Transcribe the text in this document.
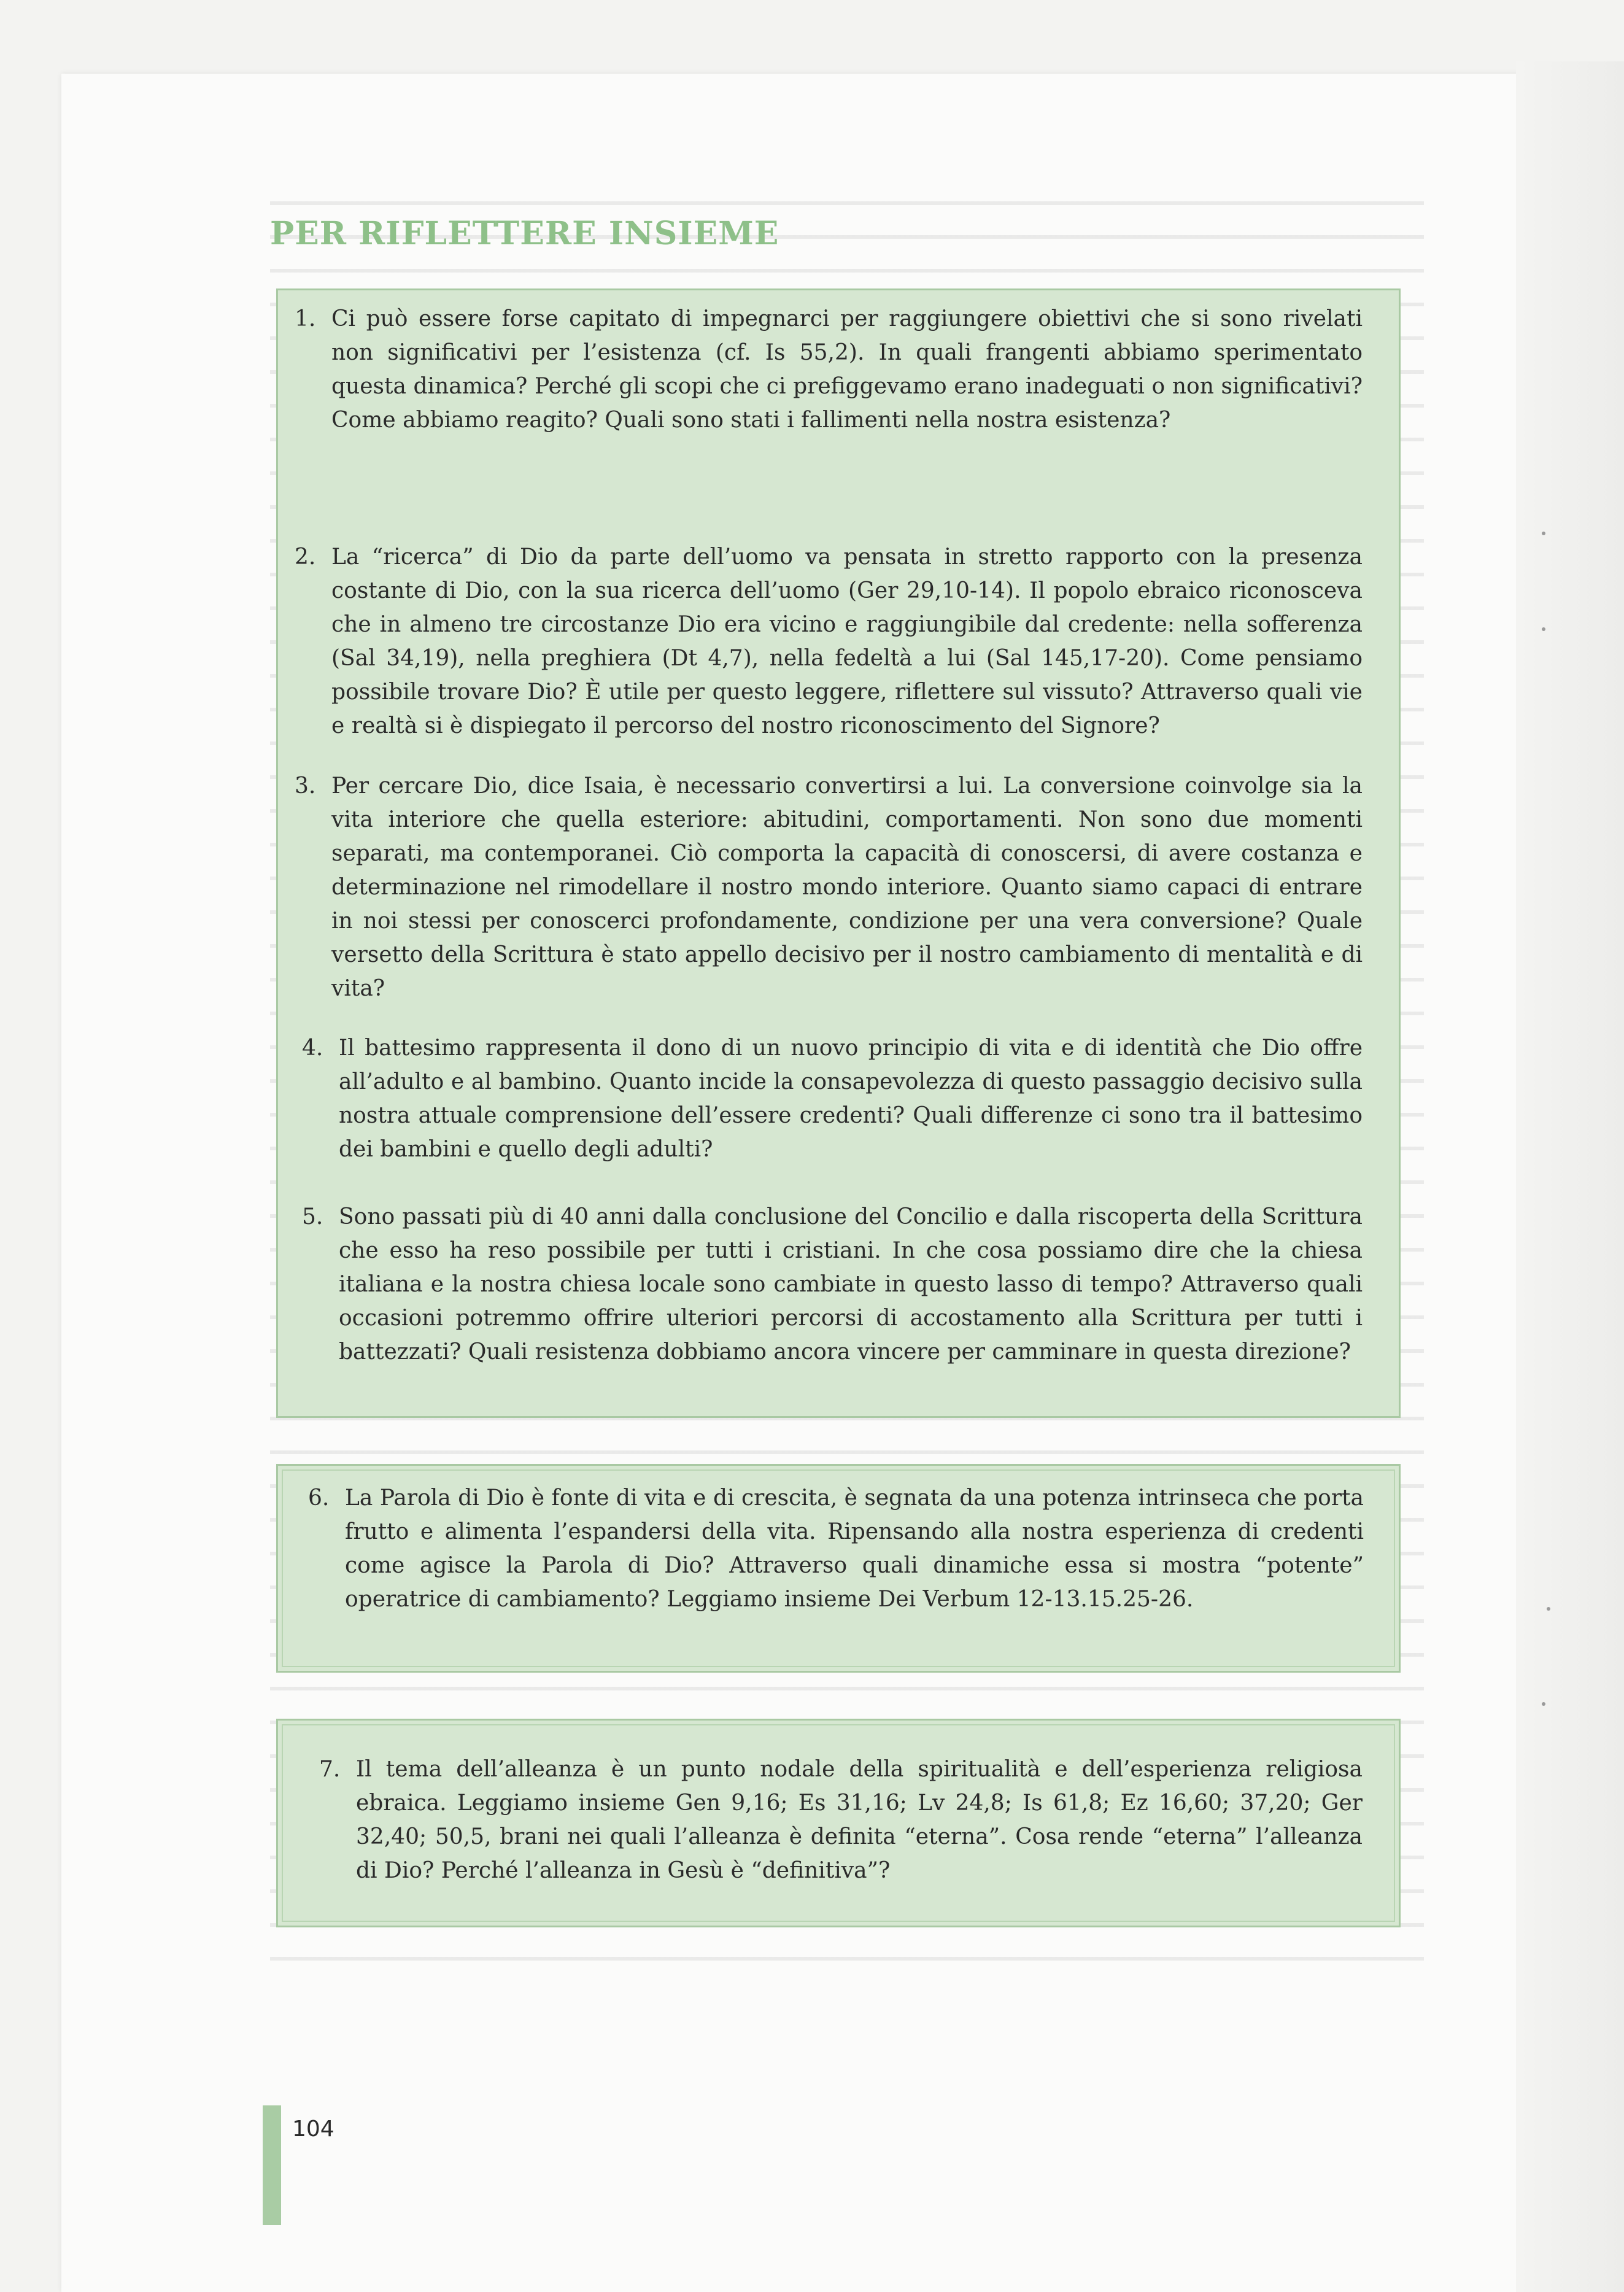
PER RIFLETTERE INSIEME
1. Ci può essere forse capitato di impegnarci per raggiungere obiettivi che si sono rivelati non significativi per l’esistenza (cf. Is 55,2). In quali frangenti abbiamo sperimentato questa dinamica? Perché gli scopi che ci prefiggevamo erano inadeguati o non significativi? Come abbiamo reagito? Quali sono stati i fallimenti nella nostra esistenza?
2. La “ricerca” di Dio da parte dell’uomo va pensata in stretto rapporto con la presenza costante di Dio, con la sua ricerca dell’uomo (Ger 29,10-14). Il popolo ebraico riconosceva che in almeno tre circostanze Dio era vicino e raggiungibile dal credente: nella sofferenza (Sal 34,19), nella preghiera (Dt 4,7), nella fedeltà a lui (Sal 145,17-20). Come pensiamo possibile trovare Dio? È utile per questo leggere, riflettere sul vissuto? Attraverso quali vie e realtà si è dispiegato il percorso del nostro riconoscimento del Signore?
3. Per cercare Dio, dice Isaia, è necessario convertirsi a lui. La conversione coinvolge sia la vita interiore che quella esteriore: abitudini, comportamenti. Non sono due momenti separati, ma contemporanei. Ciò comporta la capacità di conoscersi, di avere costanza e determinazione nel rimodellare il nostro mondo interiore. Quanto siamo capaci di entrare in noi stessi per conoscerci profondamente, condizione per una vera conversione? Quale versetto della Scrittura è stato appello decisivo per il nostro cambiamento di mentalità e di vita?
4. Il battesimo rappresenta il dono di un nuovo principio di vita e di identità che Dio offre all’adulto e al bambino. Quanto incide la consapevolezza di questo passaggio decisivo sulla nostra attuale comprensione dell’essere credenti? Quali differenze ci sono tra il battesimo dei bambini e quello degli adulti?
5. Sono passati più di 40 anni dalla conclusione del Concilio e dalla riscoperta della Scrittura che esso ha reso possibile per tutti i cristiani. In che cosa possiamo dire che la chiesa italiana e la nostra chiesa locale sono cambiate in questo lasso di tempo? Attraverso quali occasioni potremmo offrire ulteriori percorsi di accostamento alla Scrittura per tutti i battezzati? Quali resistenza dobbiamo ancora vincere per camminare in questa direzione?
6. La Parola di Dio è fonte di vita e di crescita, è segnata da una potenza intrinseca che porta frutto e alimenta l’espandersi della vita. Ripensando alla nostra esperienza di credenti come agisce la Parola di Dio? Attraverso quali dinamiche essa si mostra “potente” operatrice di cambiamento? Leggiamo insieme Dei Verbum 12-13.15.25-26.
7. Il tema dell’alleanza è un punto nodale della spiritualità e dell’esperienza religiosa ebraica. Leggiamo insieme Gen 9,16; Es 31,16; Lv 24,8; Is 61,8; Ez 16,60; 37,20; Ger 32,40; 50,5, brani nei quali l’alleanza è definita “eterna”. Cosa rende “eterna” l’alleanza di Dio? Perché l’alleanza in Gesù è “definitiva”?
104
